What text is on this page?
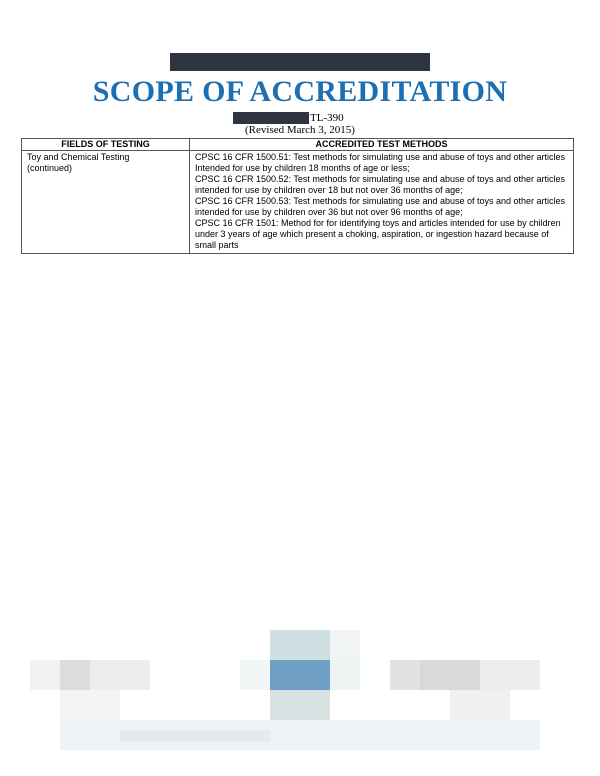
SCOPE OF ACCREDITATION
TL-390
(Revised March 3, 2015)
FIELDS OF TESTING	ACCREDITED TEST METHODS

Toy and Chemical Testing
(continued)	CPSC 16 CFR 1500.51: Test methods for simulating use and abuse of toys and other articles Intended for use by children 18 months of age or less;
CPSC 16 CFR 1500.52: Test methods for simulating use and abuse of toys and other articles intended for use by children over 18 but not over 36 months of age;
CPSC 16 CFR 1500.53: Test methods for simulating use and abuse of toys and other articles intended for use by children over 36 but not over 96 months of age;
CPSC 16 CFR 1501: Method for for identifying toys and articles intended for use by children under 3 years of age which present a choking, aspiration, or ingestion hazard because of small parts
